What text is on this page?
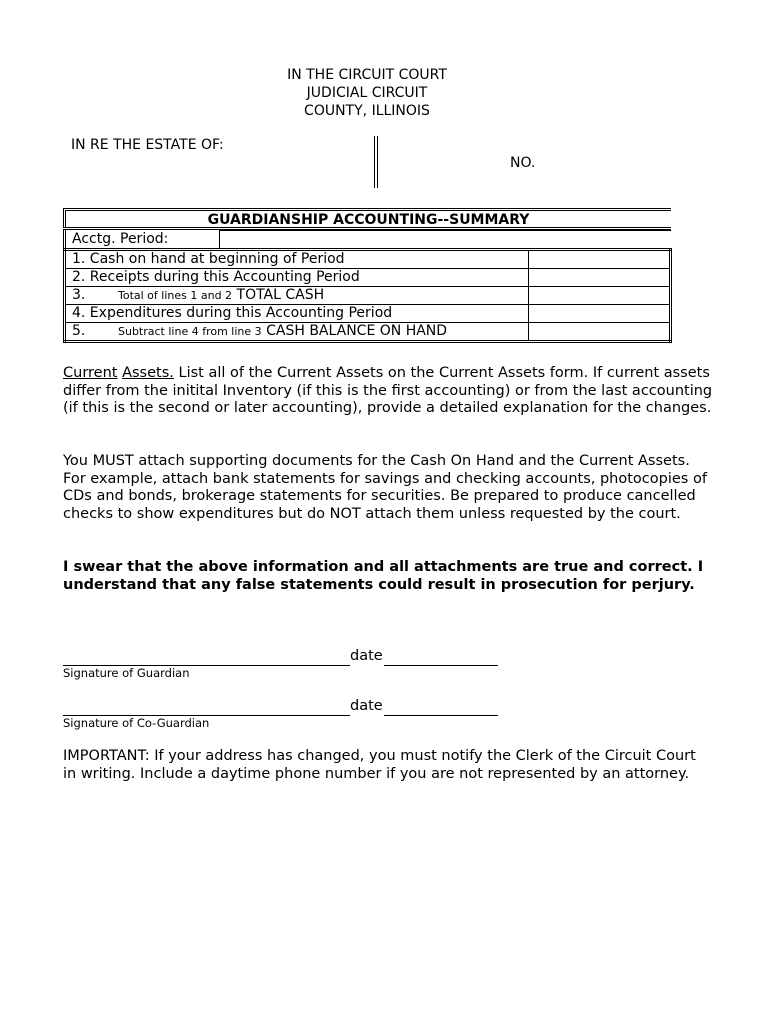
IN THE CIRCUIT COURT
JUDICIAL CIRCUIT
COUNTY, ILLINOIS
IN RE THE ESTATE OF:
NO.
GUARDIANSHIP ACCOUNTING--SUMMARY
Acctg. Period:
1. Cash on hand at beginning of Period	
2. Receipts during this Accounting Period	
3. Total of lines 1 and 2 TOTAL CASH	
4. Expenditures during this Accounting Period	
5. Subtract line 4 from line 3 CASH BALANCE ON HAND	
Current Assets. List all of the Current Assets on the Current Assets form. If current assets differ from the initital Inventory (if this is the first accounting) or from the last accounting (if this is the second or later accounting), provide a detailed explanation for the changes.
You MUST attach supporting documents for the Cash On Hand and the Current Assets. For example, attach bank statements for savings and checking accounts, photocopies of CDs and bonds, brokerage statements for securities. Be prepared to produce cancelled checks to show expenditures but do NOT attach them unless requested by the court.
I swear that the above information and all attachments are true and correct. I understand that any false statements could result in prosecution for perjury.
date
Signature of Guardian
date
Signature of Co-Guardian
IMPORTANT: If your address has changed, you must notify the Clerk of the Circuit Court in writing. Include a daytime phone number if you are not represented by an attorney.
